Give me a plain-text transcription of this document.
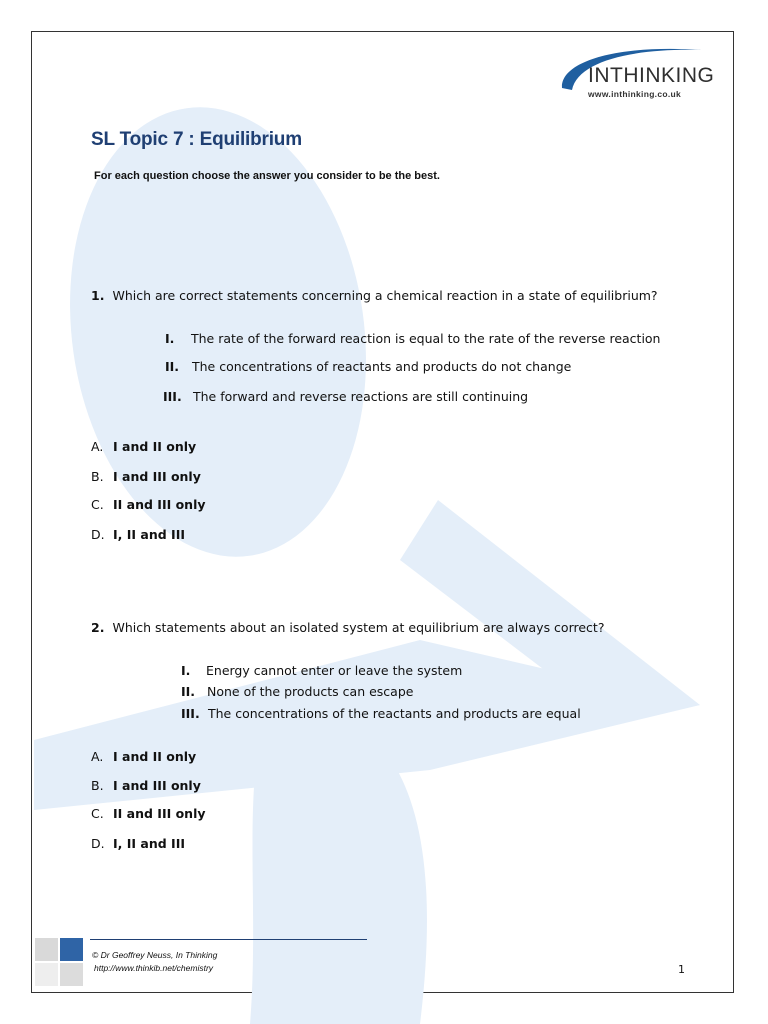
INTHINKING
www.inthinking.co.uk
SL Topic 7 : Equilibrium
For each question choose the answer you consider to be the best.
1. Which are correct statements concerning a chemical reaction in a state of equilibrium?
I. The rate of the forward reaction is equal to the rate of the reverse reaction
II. The concentrations of reactants and products do not change
III. The forward and reverse reactions are still continuing
A. I and II only
B. I and III only
C. II and III only
D. I, II and III
2. Which statements about an isolated system at equilibrium are always correct?
I. Energy cannot enter or leave the system
II. None of the products can escape
III. The concentrations of the reactants and products are equal
A. I and II only
B. I and III only
C. II and III only
D. I, II and III
© Dr Geoffrey Neuss, In Thinking
http://www.thinkib.net/chemistry	1
